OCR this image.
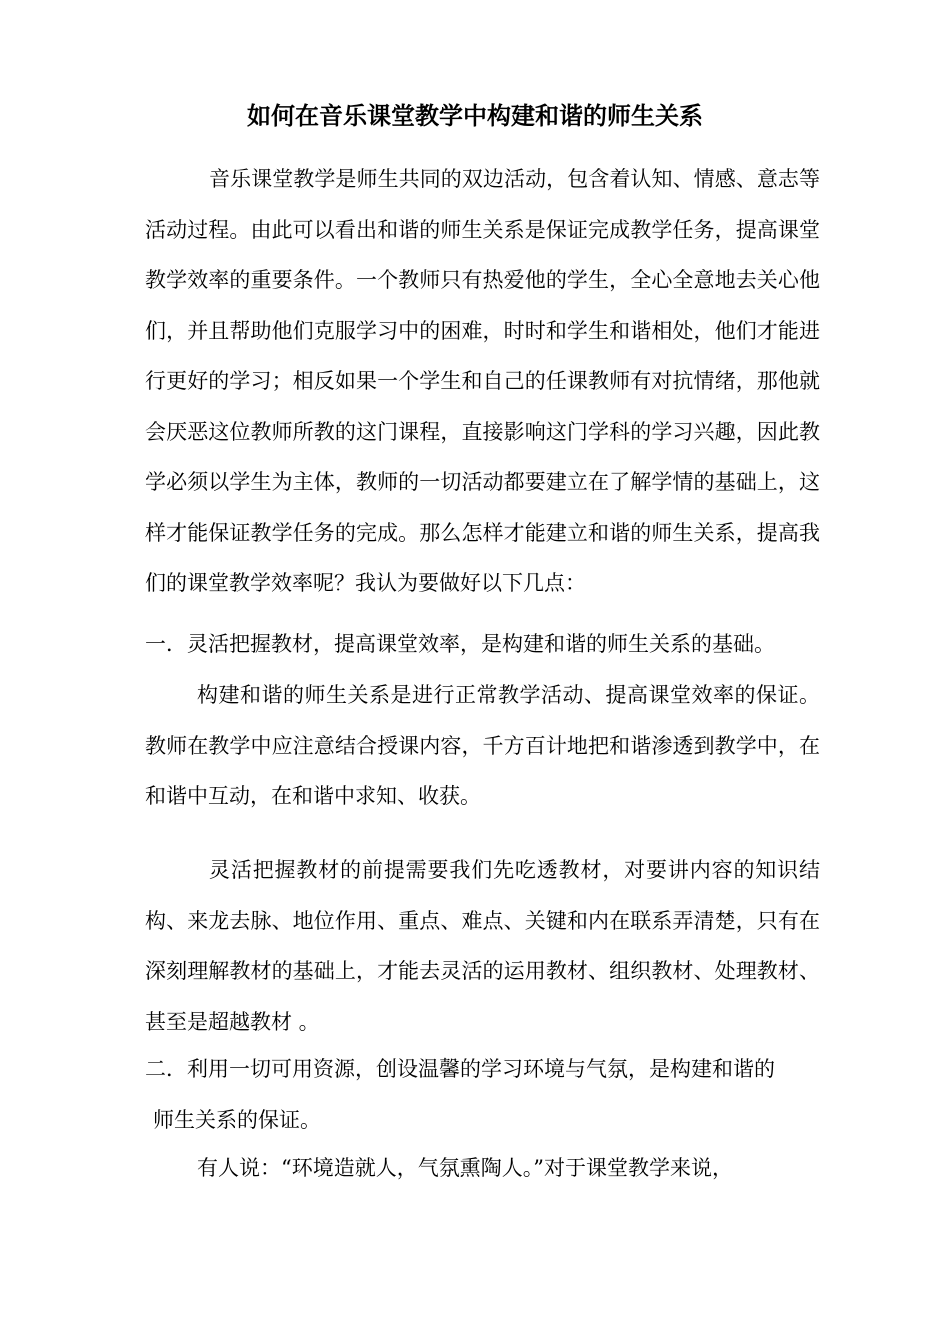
如何在音乐课堂教学中构建和谐的师生关系

音乐课堂教学是师生共同的双边活动，包含着认知、情感、意志等活动过程。由此可以看出和谐的师生关系是保证完成教学任务，提高课堂教学效率的重要条件。一个教师只有热爱他的学生，全心全意地去关心他们，并且帮助他们克服学习中的困难，时时和学生和谐相处，他们才能进行更好的学习；相反如果一个学生和自己的任课教师有对抗情绪，那他就会厌恶这位教师所教的这门课程，直接影响这门学科的学习兴趣，因此教学必须以学生为主体，教师的一切活动都要建立在了解学情的基础上，这样才能保证教学任务的完成。那么怎样才能建立和谐的师生关系，提高我们的课堂教学效率呢？我认为要做好以下几点：

一．灵活把握教材，提高课堂效率，是构建和谐的师生关系的基础。

构建和谐的师生关系是进行正常教学活动、提高课堂效率的保证。教师在教学中应注意结合授课内容，千方百计地把和谐渗透到教学中，在和谐中互动，在和谐中求知、收获。

灵活把握教材的前提需要我们先吃透教材，对要讲内容的知识结构、来龙去脉、地位作用、重点、难点、关键和内在联系弄清楚，只有在深刻理解教材的基础上，才能去灵活的运用教材、组织教材、处理教材、甚至是超越教材 。

二．利用一切可用资源，创设温馨的学习环境与气氛，是构建和谐的
师生关系的保证。

有人说：“环境造就人，气氛熏陶人。”对于课堂教学来说，
